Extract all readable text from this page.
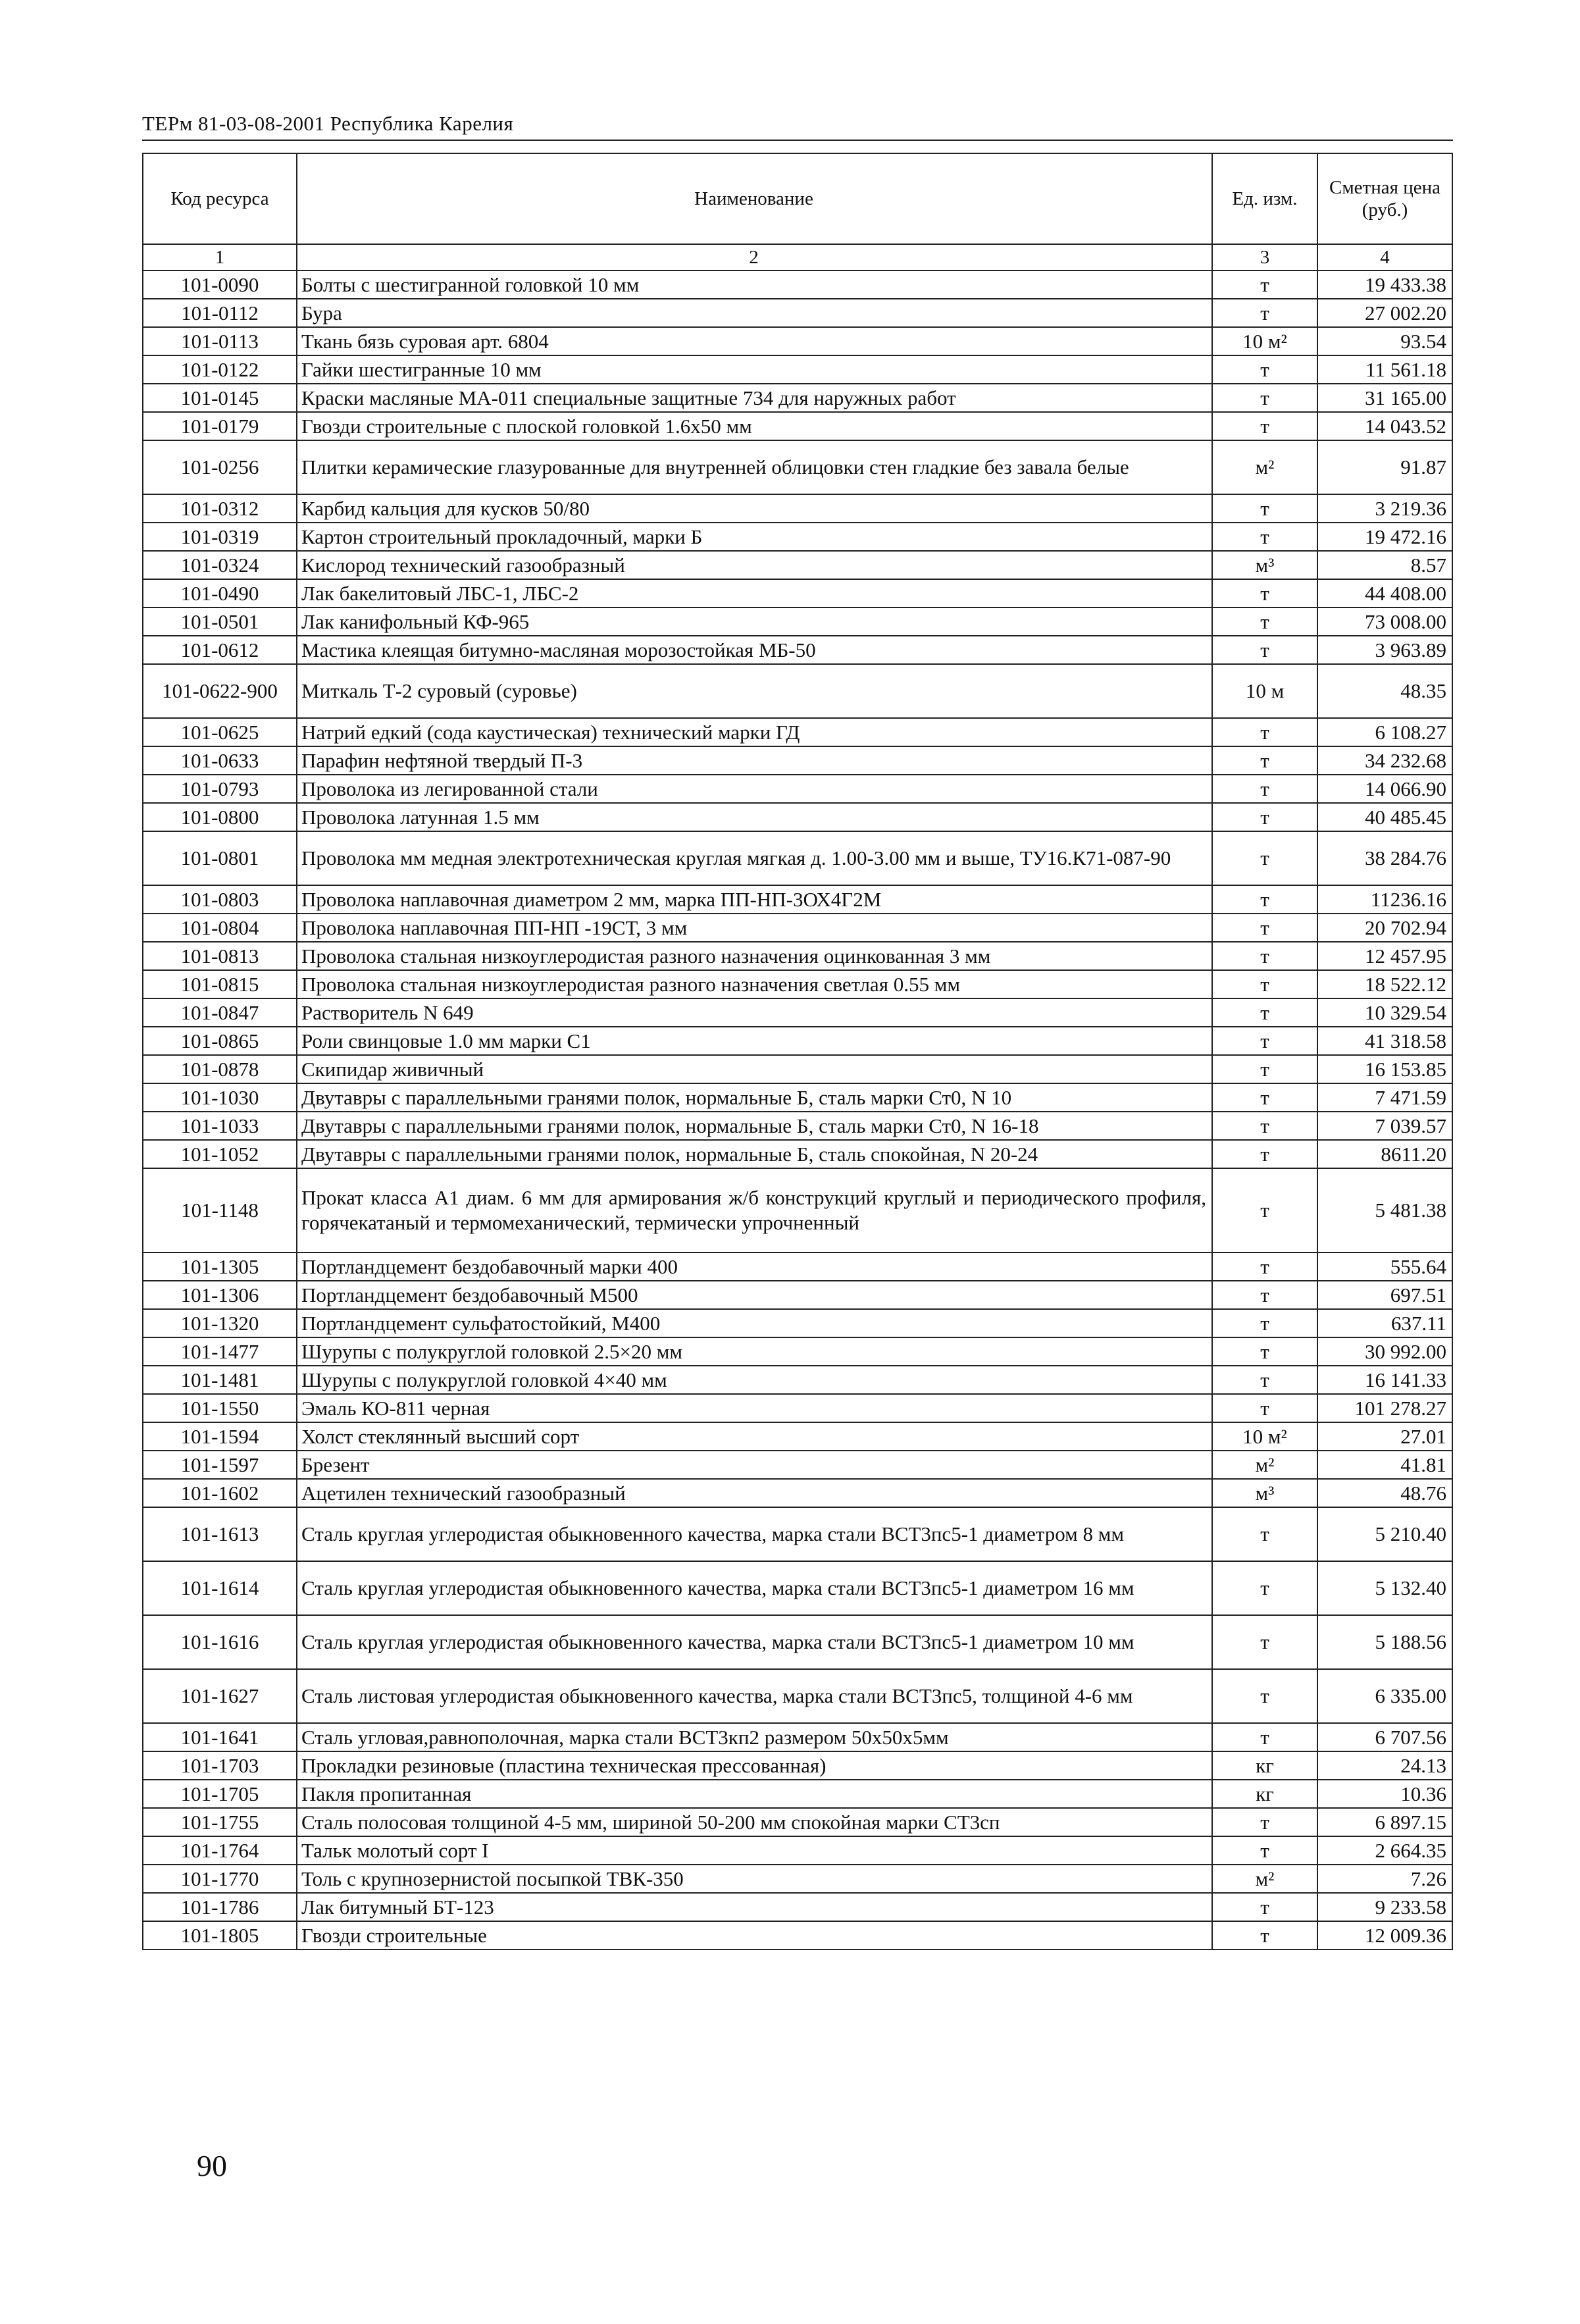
ТЕРм 81-03-08-2001 Республика Карелия
Код ресурса	Наименование	Ед. изм.	Сметная цена (руб.)
1	2	3	4
101-0090	Болты с шестигранной головкой 10 мм	т	19 433.38
101-0112	Бура	т	27 002.20
101-0113	Ткань бязь суровая арт. 6804	10 м²	93.54
101-0122	Гайки шестигранные 10 мм	т	11 561.18
101-0145	Краски масляные МА-011 специальные защитные 734 для наружных работ	т	31 165.00
101-0179	Гвозди строительные с плоской головкой 1.6х50 мм	т	14 043.52
101-0256	Плитки керамические глазурованные для внутренней облицовки стен гладкие без завала белые	м²	91.87
101-0312	Карбид кальция для кусков 50/80	т	3 219.36
101-0319	Картон строительный прокладочный, марки Б	т	19 472.16
101-0324	Кислород технический газообразный	м³	8.57
101-0490	Лак бакелитовый ЛБС-1, ЛБС-2	т	44 408.00
101-0501	Лак канифольный КФ-965	т	73 008.00
101-0612	Мастика клеящая битумно-масляная морозостойкая МБ-50	т	3 963.89
101-0622-900	Миткаль Т-2 суровый (суровье)	10 м	48.35
101-0625	Натрий едкий (сода каустическая) технический марки ГД	т	6 108.27
101-0633	Парафин нефтяной твердый П-3	т	34 232.68
101-0793	Проволока из легированной стали	т	14 066.90
101-0800	Проволока латунная 1.5 мм	т	40 485.45
101-0801	Проволока мм медная электротехническая круглая мягкая д. 1.00-3.00 мм и выше, ТУ16.К71-087-90	т	38 284.76
101-0803	Проволока наплавочная диаметром 2 мм, марка ПП-НП-3ОХ4Г2М	т	11236.16
101-0804	Проволока наплавочная ПП-НП -19СТ, 3 мм	т	20 702.94
101-0813	Проволока стальная низкоуглеродистая разного назначения оцинкованная 3 мм	т	12 457.95
101-0815	Проволока стальная низкоуглеродистая разного назначения светлая 0.55 мм	т	18 522.12
101-0847	Растворитель N 649	т	10 329.54
101-0865	Роли свинцовые 1.0 мм марки С1	т	41 318.58
101-0878	Скипидар живичный	т	16 153.85
101-1030	Двутавры с параллельными гранями полок, нормальные Б, сталь марки Ст0, N 10	т	7 471.59
101-1033	Двутавры с параллельными гранями полок, нормальные Б, сталь марки Ст0, N 16-18	т	7 039.57
101-1052	Двутавры с параллельными гранями полок, нормальные Б, сталь спокойная, N 20-24	т	8611.20
101-1148	Прокат класса А1 диам. 6 мм для армирования ж/б конструкций круглый и периодического профиля, горячекатаный и термомеханический, термически упрочненный	т	5 481.38
101-1305	Портландцемент бездобавочный марки 400	т	555.64
101-1306	Портландцемент бездобавочный М500	т	697.51
101-1320	Портландцемент сульфатостойкий, М400	т	637.11
101-1477	Шурупы с полукруглой головкой 2.5×20 мм	т	30 992.00
101-1481	Шурупы с полукруглой головкой 4×40 мм	т	16 141.33
101-1550	Эмаль КО-811 черная	т	101 278.27
101-1594	Холст стеклянный высший сорт	10 м²	27.01
101-1597	Брезент	м²	41.81
101-1602	Ацетилен технический газообразный	м³	48.76
101-1613	Сталь круглая углеродистая обыкновенного качества, марка стали ВСТ3пс5-1 диаметром 8 мм	т	5 210.40
101-1614	Сталь круглая углеродистая обыкновенного качества, марка стали ВСТ3пс5-1 диаметром 16 мм	т	5 132.40
101-1616	Сталь круглая углеродистая обыкновенного качества, марка стали ВСТ3пс5-1 диаметром 10 мм	т	5 188.56
101-1627	Сталь листовая углеродистая обыкновенного качества, марка стали ВСТ3пс5, толщиной 4-6 мм	т	6 335.00
101-1641	Сталь угловая,равнополочная, марка стали ВСТ3кп2 размером 50х50х5мм	т	6 707.56
101-1703	Прокладки резиновые (пластина техническая прессованная)	кг	24.13
101-1705	Пакля пропитанная	кг	10.36
101-1755	Сталь полосовая толщиной 4-5 мм, шириной 50-200 мм спокойная марки СТ3сп	т	6 897.15
101-1764	Тальк молотый сорт I	т	2 664.35
101-1770	Толь с крупнозернистой посыпкой ТВК-350	м²	7.26
101-1786	Лак битумный БТ-123	т	9 233.58
101-1805	Гвозди строительные	т	12 009.36
90
